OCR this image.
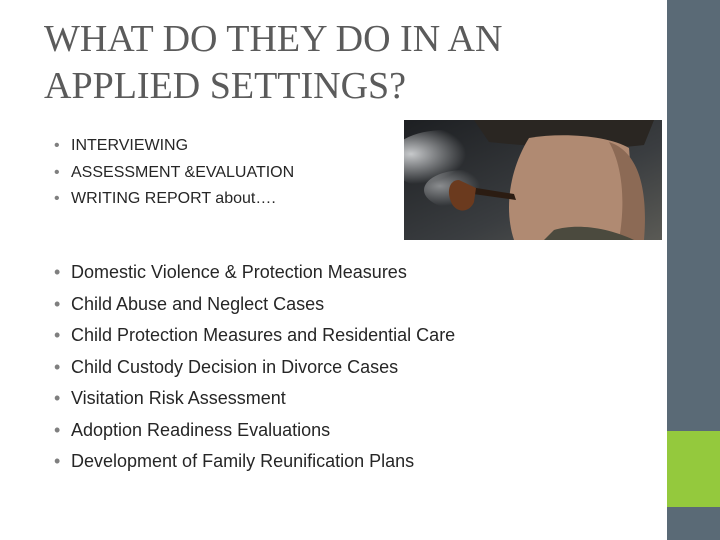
WHAT DO THEY DO IN AN
APPLIED SETTINGS?
• INTERVIEWING
• ASSESSMENT &EVALUATION
• WRITING REPORT about….
• Domestic Violence & Protection Measures
• Child Abuse and Neglect Cases
• Child Protection Measures and Residential Care
• Child Custody Decision in Divorce Cases
• Visitation Risk Assessment
• Adoption Readiness Evaluations
• Development of Family Reunification Plans
